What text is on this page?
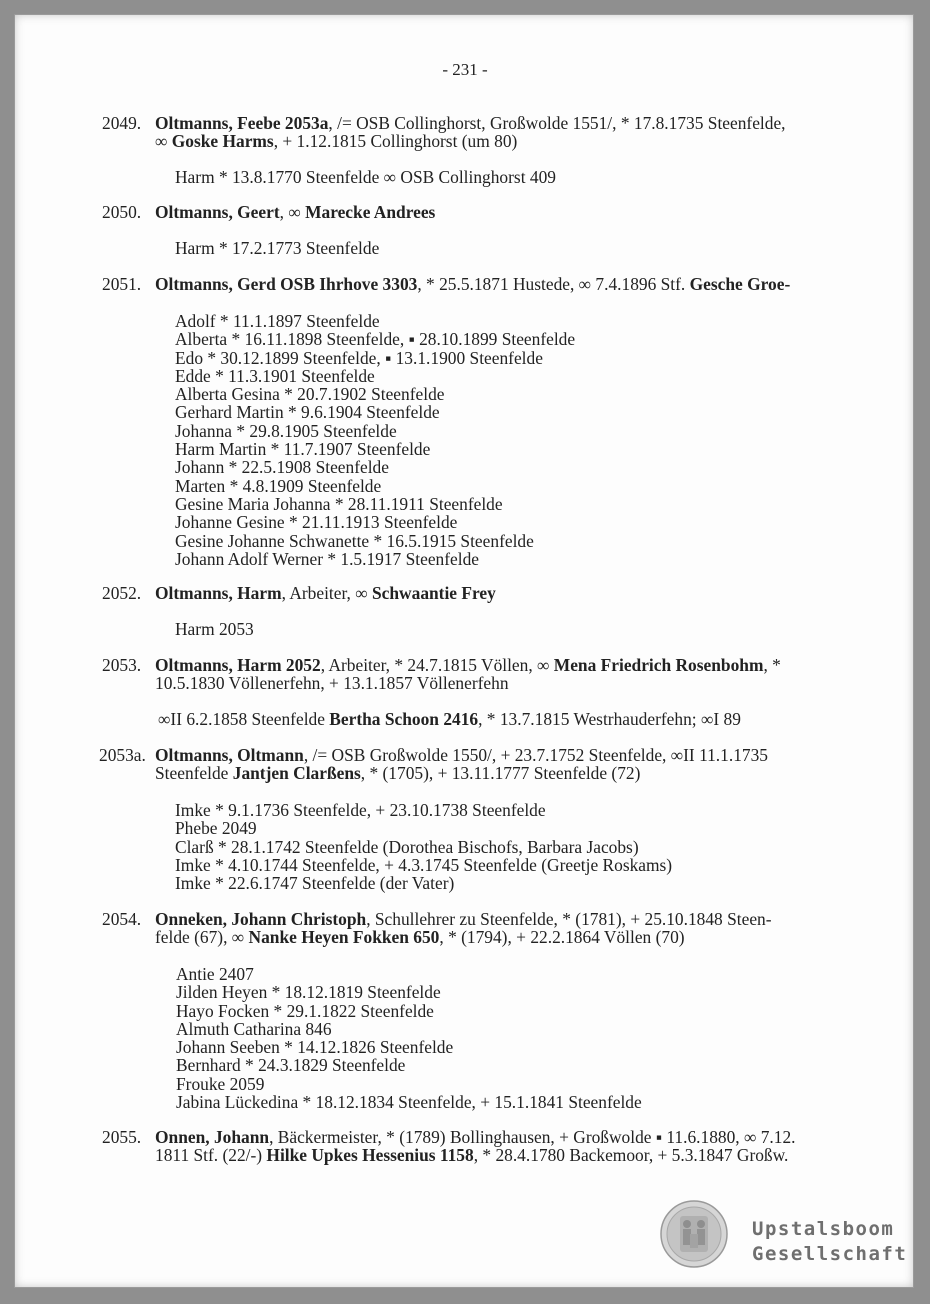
- 231 -
2049. Oltmanns, Feebe 2053a, /= OSB Collinghorst, Großwolde 1551/, * 17.8.1735 Steenfelde,
∞ Goske Harms, + 1.12.1815 Collinghorst (um 80)
Harm * 13.8.1770 Steenfelde ∞ OSB Collinghorst 409
2050. Oltmanns, Geert, ∞ Marecke Andrees
Harm * 17.2.1773 Steenfelde
2051. Oltmanns, Gerd OSB Ihrhove 3303, * 25.5.1871 Hustede, ∞ 7.4.1896 Stf. Gesche Groe-
Adolf * 11.1.1897 Steenfelde
Alberta * 16.11.1898 Steenfelde, ▪ 28.10.1899 Steenfelde
Edo * 30.12.1899 Steenfelde, ▪ 13.1.1900 Steenfelde
Edde * 11.3.1901 Steenfelde
Alberta Gesina * 20.7.1902 Steenfelde
Gerhard Martin * 9.6.1904 Steenfelde
Johanna * 29.8.1905 Steenfelde
Harm Martin * 11.7.1907 Steenfelde
Johann * 22.5.1908 Steenfelde
Marten * 4.8.1909 Steenfelde
Gesine Maria Johanna * 28.11.1911 Steenfelde
Johanne Gesine * 21.11.1913 Steenfelde
Gesine Johanne Schwanette * 16.5.1915 Steenfelde
Johann Adolf Werner * 1.5.1917 Steenfelde
2052. Oltmanns, Harm, Arbeiter, ∞ Schwaantie Frey
Harm 2053
2053. Oltmanns, Harm 2052, Arbeiter, * 24.7.1815 Völlen, ∞ Mena Friedrich Rosenbohm, *
10.5.1830 Völlenerfehn, + 13.1.1857 Völlenerfehn
∞II 6.2.1858 Steenfelde Bertha Schoon 2416, * 13.7.1815 Westrhauderfehn; ∞I 89
2053a. Oltmanns, Oltmann, /= OSB Großwolde 1550/, + 23.7.1752 Steenfelde, ∞II 11.1.1735
Steenfelde Jantjen Clarßens, * (1705), + 13.11.1777 Steenfelde (72)
Imke * 9.1.1736 Steenfelde, + 23.10.1738 Steenfelde
Phebe 2049
Clarß * 28.1.1742 Steenfelde (Dorothea Bischofs, Barbara Jacobs)
Imke * 4.10.1744 Steenfelde, + 4.3.1745 Steenfelde (Greetje Roskams)
Imke * 22.6.1747 Steenfelde (der Vater)
2054. Onneken, Johann Christoph, Schullehrer zu Steenfelde, * (1781), + 25.10.1848 Steen-
felde (67), ∞ Nanke Heyen Fokken 650, * (1794), + 22.2.1864 Völlen (70)
Antie 2407
Jilden Heyen * 18.12.1819 Steenfelde
Hayo Focken * 29.1.1822 Steenfelde
Almuth Catharina 846
Johann Seeben * 14.12.1826 Steenfelde
Bernhard * 24.3.1829 Steenfelde
Frouke 2059
Jabina Lückedina * 18.12.1834 Steenfelde, + 15.1.1841 Steenfelde
2055. Onnen, Johann, Bäckermeister, * (1789) Bollinghausen, + Großwolde ▪ 11.6.1880, ∞ 7.12.
1811 Stf. (22/-) Hilke Upkes Hessenius 1158, * 28.4.1780 Backemoor, + 5.3.1847 Großw.
Upstalsboom
Gesellschaft
